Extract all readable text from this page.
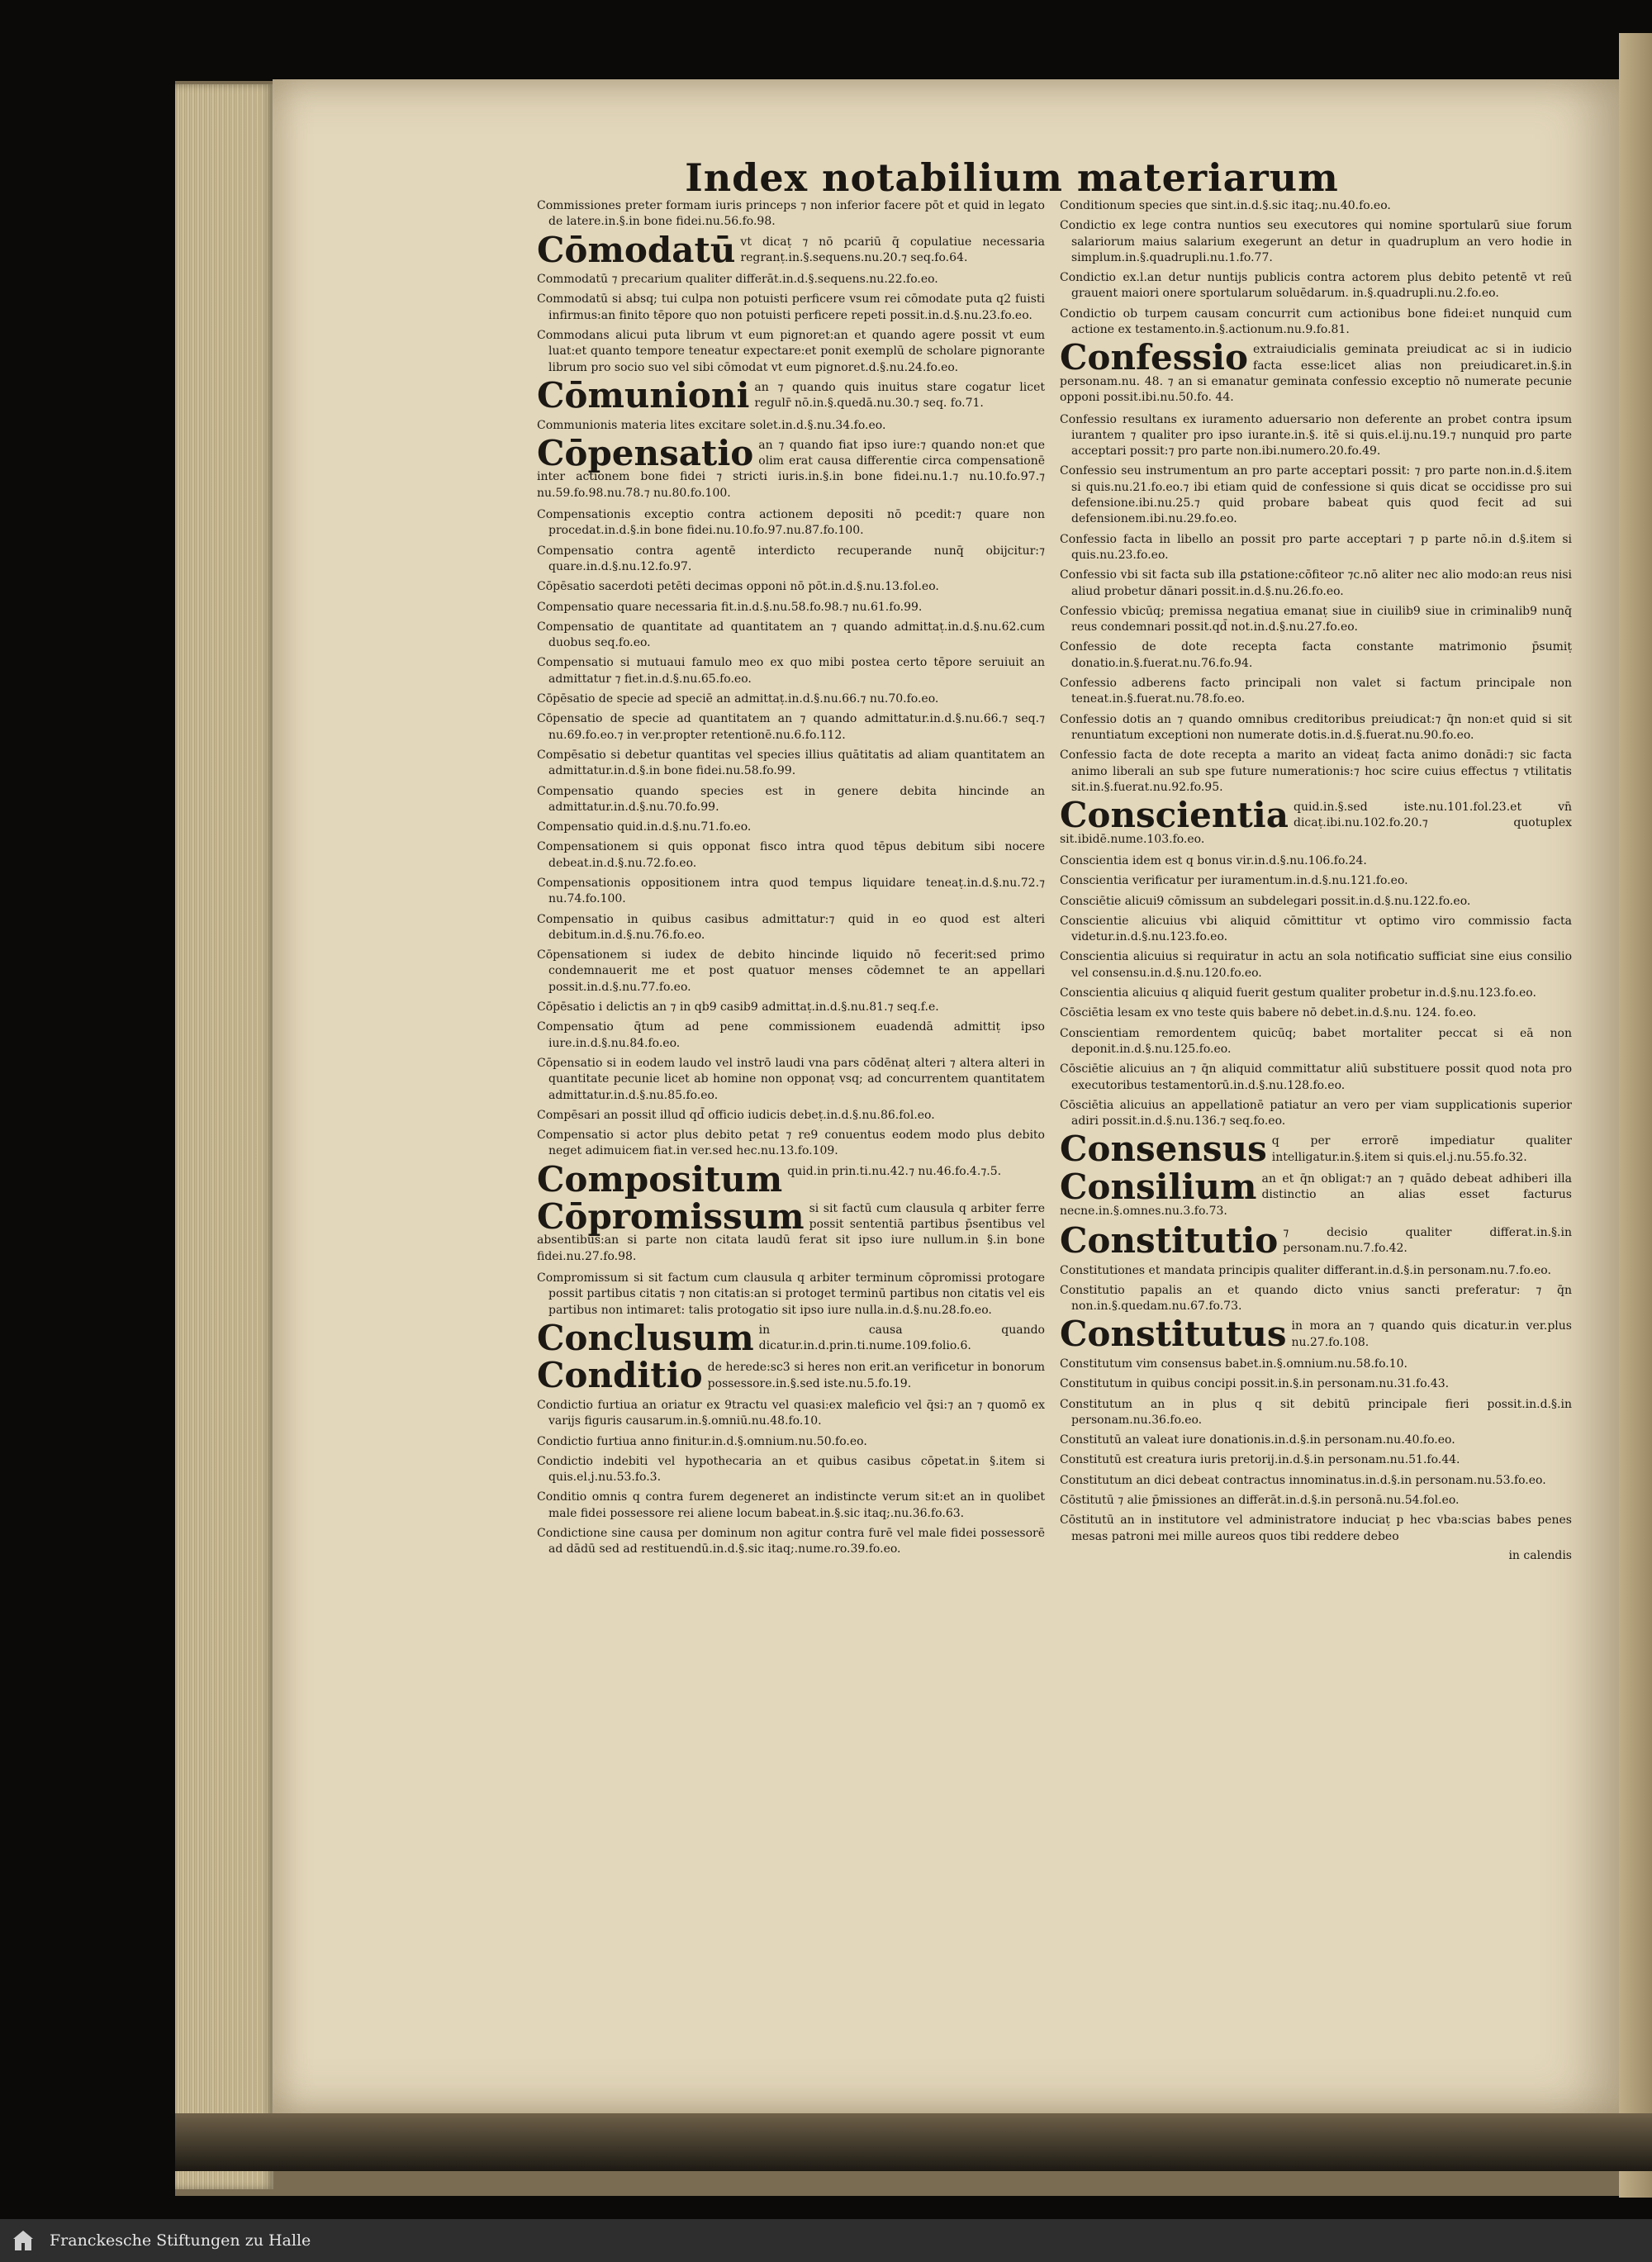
Index notabilium materiarum
Commissiones preter formam iuris princeps ⁊ non inferior facere pōt et quid in legato de latere.in.§.in bone fidei.nu.56.fo.98.
Cōmodatū vt dicaṭ ⁊ nō pcariū q̄ copulatiue necessaria regranṭ.in.§.sequens.nu.20.⁊ seq.fo.64.
Commodatū ⁊ precarium qualiter differāt.in.d.§.sequens.nu.22.fo.eo.
Commodatū si absq; tui culpa non potuisti perficere vsum rei cōmodate puta q2 fuisti infirmus:an finito tēpore quo non potuisti perficere repeti possit.in.d.§.nu.23.fo.eo.
Commodans alicui puta librum vt eum pignoret:an et quando agere possit vt eum luat:et quanto tempore teneatur expectare:et ponit exemplū de scholare pignorante librum pro socio suo vel sibi cōmodat vt eum pignoret.d.§.nu.24.fo.eo.
Cōmunioni an ⁊ quando quis inuitus stare cogatur licet regulr̄ nō.in.§.quedā.nu.30.⁊ seq. fo.71.
Communionis materia lites excitare solet.in.d.§.nu.34.fo.eo.
Cōpensatio an ⁊ quando fiat ipso iure:⁊ quando non:et que olim erat causa differentie circa compensationē inter actionem bone fidei ⁊ stricti iuris.in.§.in bone fidei.nu.1.⁊ nu.10.fo.97.⁊ nu.59.fo.98.nu.78.⁊ nu.80.fo.100.
Compensationis exceptio contra actionem depositi nō pcedit:⁊ quare non procedat.in.d.§.in bone fidei.nu.10.fo.97.nu.87.fo.100.
Compensatio contra agentē interdicto recuperande nunq̄ obijcitur:⁊ quare.in.d.§.nu.12.fo.97.
Cōpēsatio sacerdoti petēti decimas opponi nō pōt.in.d.§.nu.13.fol.eo.
Compensatio quare necessaria fit.in.d.§.nu.58.fo.98.⁊ nu.61.fo.99.
Compensatio de quantitate ad quantitatem an ⁊ quando admittaṭ.in.d.§.nu.62.cum duobus seq.fo.eo.
Compensatio si mutuaui famulo meo ex quo mibi postea certo tēpore seruiuit an admittatur ⁊ fiet.in.d.§.nu.65.fo.eo.
Cōpēsatio de specie ad speciē an admittaṭ.in.d.§.nu.66.⁊ nu.70.fo.eo.
Cōpensatio de specie ad quantitatem an ⁊ quando admittatur.in.d.§.nu.66.⁊ seq.⁊ nu.69.fo.eo.⁊ in ver.propter retentionē.nu.6.fo.112.
Compēsatio si debetur quantitas vel species illius quātitatis ad aliam quantitatem an admittatur.in.d.§.in bone fidei.nu.58.fo.99.
Compensatio quando species est in genere debita hincinde an admittatur.in.d.§.nu.70.fo.99.
Compensatio quid.in.d.§.nu.71.fo.eo.
Compensationem si quis opponat fisco intra quod tēpus debitum sibi nocere debeat.in.d.§.nu.72.fo.eo.
Compensationis oppositionem intra quod tempus liquidare teneaṭ.in.d.§.nu.72.⁊ nu.74.fo.100.
Compensatio in quibus casibus admittatur:⁊ quid in eo quod est alteri debitum.in.d.§.nu.76.fo.eo.
Cōpensationem si iudex de debito hincinde liquido nō fecerit:sed primo condemnauerit me et post quatuor menses cōdemnet te an appellari possit.in.d.§.nu.77.fo.eo.
Cōpēsatio i delictis an ⁊ in qb9 casib9 admittaṭ.in.d.§.nu.81.⁊ seq.f.e.
Compensatio q̄tum ad pene commissionem euadendā admittiṭ ipso iure.in.d.§.nu.84.fo.eo.
Cōpensatio si in eodem laudo vel instrō laudi vna pars cōdēnaṭ alteri ⁊ altera alteri in quantitate pecunie licet ab homine non opponaṭ vsq; ad concurrentem quantitatem admittatur.in.d.§.nu.85.fo.eo.
Compēsari an possit illud qd̄ officio iudicis debeṭ.in.d.§.nu.86.fol.eo.
Compensatio si actor plus debito petat ⁊ re9 conuentus eodem modo plus debito neget adimuicem fiat.in ver.sed hec.nu.13.fo.109.
Compositum quid.in prin.ti.nu.42.⁊ nu.46.fo.4.⁊.5.
Cōpromissum si sit factū cum clausula q arbiter ferre possit sententiā partibus p̄sentibus vel absentibus:an si parte non citata laudū ferat sit ipso iure nullum.in §.in bone fidei.nu.27.fo.98.
Compromissum si sit factum cum clausula q arbiter terminum cōpromissi protogare possit partibus citatis ⁊ non citatis:an si protoget terminū partibus non citatis vel eis partibus non intimaret: talis protogatio sit ipso iure nulla.in.d.§.nu.28.fo.eo.
Conclusum in causa quando dicatur.in.d.prin.ti.nume.109.folio.6.
Conditio de herede:sc3 si heres non erit.an verificetur in bonorum possessore.in.§.sed iste.nu.5.fo.19.
Condictio furtiua an oriatur ex 9tractu vel quasi:ex maleficio vel q̄si:⁊ an ⁊ quomō ex varijs figuris causarum.in.§.omniū.nu.48.fo.10.
Condictio furtiua anno finitur.in.d.§.omnium.nu.50.fo.eo.
Condictio indebiti vel hypothecaria an et quibus casibus cōpetat.in §.item si quis.el.j.nu.53.fo.3.
Conditio omnis q contra furem degeneret an indistincte verum sit:et an in quolibet male fidei possessore rei aliene locum babeat.in.§.sic itaq;.nu.36.fo.63.
Condictione sine causa per dominum non agitur contra furē vel male fidei possessorē ad dādū sed ad restituendū.in.d.§.sic itaq;.nume.ro.39.fo.eo.
Conditionum species que sint.in.d.§.sic itaq;.nu.40.fo.eo.
Condictio ex lege contra nuntios seu executores qui nomine sportularū siue forum salariorum maius salarium exegerunt an detur in quadruplum an vero hodie in simplum.in.§.quadrupli.nu.1.fo.77.
Condictio ex.l.an detur nuntijs publicis contra actorem plus debito petentē vt reū grauent maiori onere sportularum soluēdarum. in.§.quadrupli.nu.2.fo.eo.
Condictio ob turpem causam concurrit cum actionibus bone fidei:et nunquid cum actione ex testamento.in.§.actionum.nu.9.fo.81.
Confessio extraiudicialis geminata preiudicat ac si in iudicio facta esse:licet alias non preiudicaret.in.§.in personam.nu. 48. ⁊ an si emanatur geminata confessio exceptio nō numerate pecunie opponi possit.ibi.nu.50.fo. 44.
Confessio resultans ex iuramento aduersario non deferente an probet contra ipsum iurantem ⁊ qualiter pro ipso iurante.in.§. itē si quis.el.ij.nu.19.⁊ nunquid pro parte acceptari possit:⁊ pro parte non.ibi.numero.20.fo.49.
Confessio seu instrumentum an pro parte acceptari possit: ⁊ pro parte non.in.d.§.item si quis.nu.21.fo.eo.⁊ ibi etiam quid de confessione si quis dicat se occidisse pro sui defensione.ibi.nu.25.⁊ quid probare babeat quis quod fecit ad sui defensionem.ibi.nu.29.fo.eo.
Confessio facta in libello an possit pro parte acceptari ⁊ p parte nō.in d.§.item si quis.nu.23.fo.eo.
Confessio vbi sit facta sub illa ꝑstatione:cōfiteor ⁊c.nō aliter nec alio modo:an reus nisi aliud probetur dānari possit.in.d.§.nu.26.fo.eo.
Confessio vbicūq; premissa negatiua emanaṭ siue in ciuilib9 siue in criminalib9 nunq̄ reus condemnari possit.qd̄ not.in.d.§.nu.27.fo.eo.
Confessio de dote recepta facta constante matrimonio p̄sumiṭ donatio.in.§.fuerat.nu.76.fo.94.
Confessio adberens facto principali non valet si factum principale non teneat.in.§.fuerat.nu.78.fo.eo.
Confessio dotis an ⁊ quando omnibus creditoribus preiudicat:⁊ q̄n non:et quid si sit renuntiatum exceptioni non numerate dotis.in.d.§.fuerat.nu.90.fo.eo.
Confessio facta de dote recepta a marito an videaṭ facta animo donādi:⁊ sic facta animo liberali an sub spe future numerationis:⁊ hoc scire cuius effectus ⁊ vtilitatis sit.in.§.fuerat.nu.92.fo.95.
Conscientia quid.in.§.sed iste.nu.101.fol.23.et vn̄ dicaṭ.ibi.nu.102.fo.20.⁊ quotuplex sit.ibidē.nume.103.fo.eo.
Conscientia idem est q bonus vir.in.d.§.nu.106.fo.24.
Conscientia verificatur per iuramentum.in.d.§.nu.121.fo.eo.
Consciētie alicui9 cōmissum an subdelegari possit.in.d.§.nu.122.fo.eo.
Conscientie alicuius vbi aliquid cōmittitur vt optimo viro commissio facta videtur.in.d.§.nu.123.fo.eo.
Conscientia alicuius si requiratur in actu an sola notificatio sufficiat sine eius consilio vel consensu.in.d.§.nu.120.fo.eo.
Conscientia alicuius q aliquid fuerit gestum qualiter probetur in.d.§.nu.123.fo.eo.
Cōsciētia lesam ex vno teste quis babere nō debet.in.d.§.nu. 124. fo.eo.
Conscientiam remordentem quicūq; babet mortaliter peccat si eā non deponit.in.d.§.nu.125.fo.eo.
Cōsciētie alicuius an ⁊ q̄n aliquid committatur aliū substituere possit quod nota pro executoribus testamentorū.in.d.§.nu.128.fo.eo.
Cōsciētia alicuius an appellationē patiatur an vero per viam supplicationis superior adiri possit.in.d.§.nu.136.⁊ seq.fo.eo.
Consensus q per errorē impediatur qualiter intelligatur.in.§.item si quis.el.j.nu.55.fo.32.
Consilium an et q̄n obligat:⁊ an ⁊ quādo debeat adhiberi illa distinctio an alias esset facturus necne.in.§.omnes.nu.3.fo.73.
Constitutio ⁊ decisio qualiter differat.in.§.in personam.nu.7.fo.42.
Constitutiones et mandata principis qualiter differant.in.d.§.in personam.nu.7.fo.eo.
Constitutio papalis an et quando dicto vnius sancti preferatur: ⁊ q̄n non.in.§.quedam.nu.67.fo.73.
Constitutus in mora an ⁊ quando quis dicatur.in ver.plus nu.27.fo.108.
Constitutum vim consensus babet.in.§.omnium.nu.58.fo.10.
Constitutum in quibus concipi possit.in.§.in personam.nu.31.fo.43.
Constitutum an in plus q sit debitū principale fieri possit.in.d.§.in personam.nu.36.fo.eo.
Constitutū an valeat iure donationis.in.d.§.in personam.nu.40.fo.eo.
Constitutū est creatura iuris pretorij.in.d.§.in personam.nu.51.fo.44.
Constitutum an dici debeat contractus innominatus.in.d.§.in personam.nu.53.fo.eo.
Cōstitutū ⁊ alie p̄missiones an differāt.in.d.§.in personā.nu.54.fol.eo.
Cōstitutū an in institutore vel administratore induciaṭ p hec vba:scias babes penes mesas patroni mei mille aureos quos tibi reddere debeo
in calendis
Franckesche Stiftungen zu Halle
